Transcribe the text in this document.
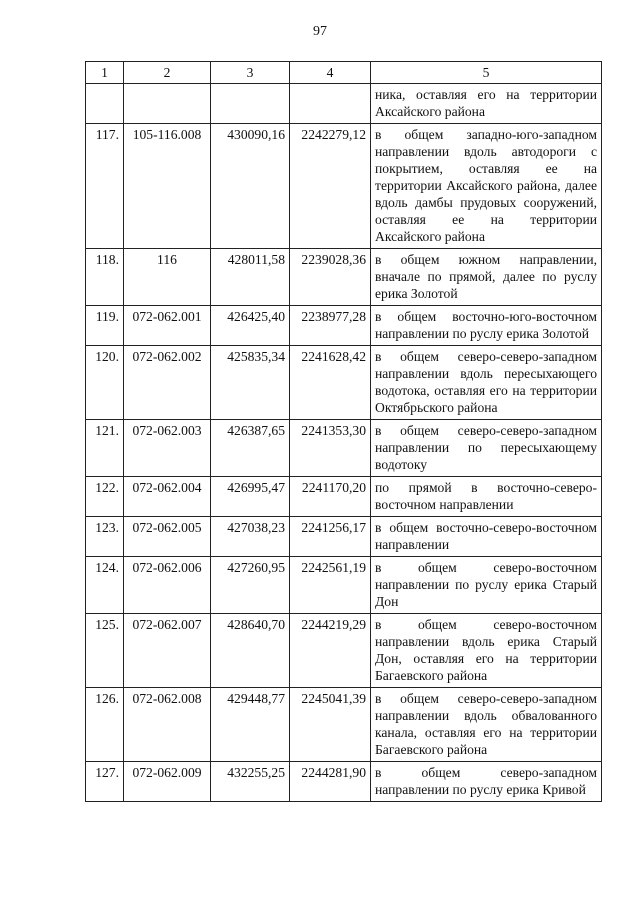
97
1	2	3	4	5
				ника, оставляя его на территории Аксайского района
117.	105-116.008	430090,16	2242279,12	в общем западно-юго-западном направлении вдоль автодороги с покрытием, оставляя ее на территории Аксайского района, далее вдоль дамбы прудовых сооружений, оставляя ее на территории Аксайского района
118.	116	428011,58	2239028,36	в общем южном направлении, вначале по прямой, далее по руслу ерика Золотой
119.	072-062.001	426425,40	2238977,28	в общем восточно-юго-восточном направлении по руслу ерика Золотой
120.	072-062.002	425835,34	2241628,42	в общем северо-северо-западном направлении вдоль пересыхающего водотока, оставляя его на территории Октябрьского района
121.	072-062.003	426387,65	2241353,30	в общем северо-северо-западном направлении по пересыхающему водотоку
122.	072-062.004	426995,47	2241170,20	по прямой в восточно-северо-восточном направлении
123.	072-062.005	427038,23	2241256,17	в общем восточно-северо-восточном направлении
124.	072-062.006	427260,95	2242561,19	в общем северо-восточном направлении по руслу ерика Старый Дон
125.	072-062.007	428640,70	2244219,29	в общем северо-восточном направлении вдоль ерика Старый Дон, оставляя его на территории Багаевского района
126.	072-062.008	429448,77	2245041,39	в общем северо-северо-западном направлении вдоль обвалованного канала, оставляя его на территории Багаевского района
127.	072-062.009	432255,25	2244281,90	в общем северо-западном направлении по руслу ерика Кривой
